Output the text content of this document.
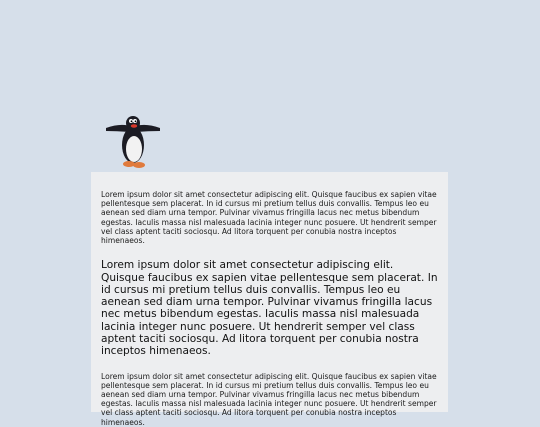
Lorem ipsum dolor sit amet consectetur adipiscing elit. Quisque faucibus ex sapien vitae pellentesque sem placerat. In id cursus mi pretium tellus duis convallis. Tempus leo eu aenean sed diam urna tempor. Pulvinar vivamus fringilla lacus nec metus bibendum egestas. Iaculis massa nisl malesuada lacinia integer nunc posuere. Ut hendrerit semper vel class aptent taciti sociosqu. Ad litora torquent per conubia nostra inceptos himenaeos.

Lorem ipsum dolor sit amet consectetur adipiscing elit. Quisque faucibus ex sapien vitae pellentesque sem placerat. In id cursus mi pretium tellus duis convallis. Tempus leo eu aenean sed diam urna tempor. Pulvinar vivamus fringilla lacus nec metus bibendum egestas. Iaculis massa nisl malesuada lacinia integer nunc posuere. Ut hendrerit semper vel class aptent taciti sociosqu. Ad litora torquent per conubia nostra inceptos himenaeos.

Lorem ipsum dolor sit amet consectetur adipiscing elit. Quisque faucibus ex sapien vitae pellentesque sem placerat. In id cursus mi pretium tellus duis convallis. Tempus leo eu aenean sed diam urna tempor. Pulvinar vivamus fringilla lacus nec metus bibendum egestas. Iaculis massa nisl malesuada lacinia integer nunc posuere. Ut hendrerit semper vel class aptent taciti sociosqu. Ad litora torquent per conubia nostra inceptos himenaeos.
